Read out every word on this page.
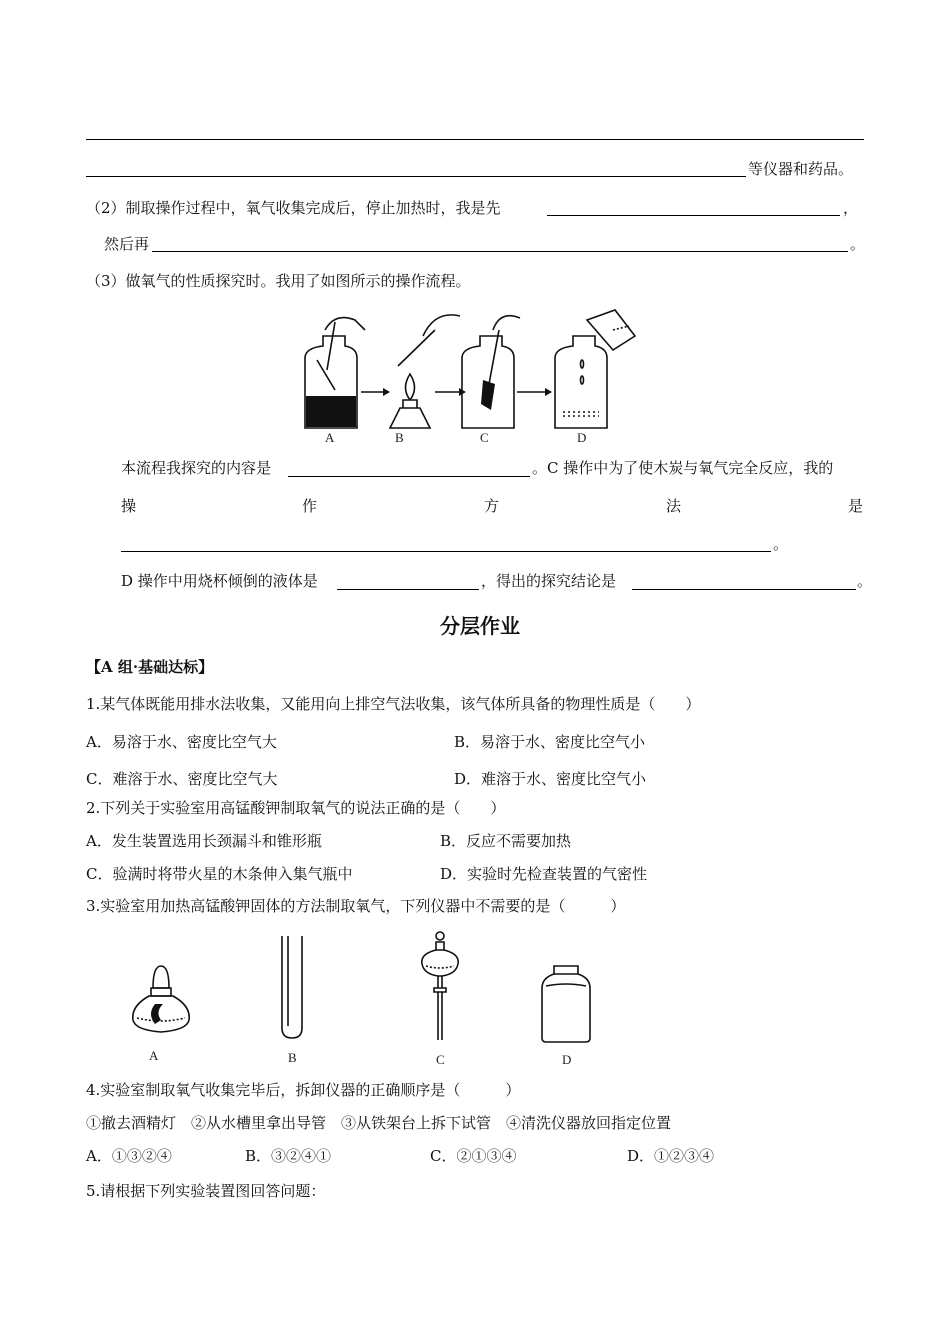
等仪器和药品。
（2）制取操作过程中，氧气收集完成后，停止加热时，我是先	，
然后再	。
（3）做氧气的性质探究时。我用了如图所示的操作流程。
A	B	C	D
本流程我探究的内容是	。C 操作中为了使木炭与氧气完全反应，我的
操	作	方	法	是
。
D 操作中用烧杯倾倒的液体是	，得出的探究结论是	。
分层作业
【A 组·基础达标】
1.某气体既能用排水法收集，又能用向上排空气法收集，该气体所具备的物理性质是（　　）
A．易溶于水、密度比空气大	B．易溶于水、密度比空气小
C．难溶于水、密度比空气大	D．难溶于水、密度比空气小
2.下列关于实验室用高锰酸钾制取氧气的说法正确的是（　　）
A．发生装置选用长颈漏斗和锥形瓶	B．反应不需要加热
C．验满时将带火星的木条伸入集气瓶中	D．实验时先检查装置的气密性
3.实验室用加热高锰酸钾固体的方法制取氧气，下列仪器中不需要的是（　　　）
A	B	C	D
4.实验室制取氧气收集完毕后，拆卸仪器的正确顺序是（　　　）
①撤去酒精灯　②从水槽里拿出导管　③从铁架台上拆下试管　④清洗仪器放回指定位置
A．①③②④	B．③②④①	C．②①③④	D．①②③④
5.请根据下列实验装置图回答问题：
